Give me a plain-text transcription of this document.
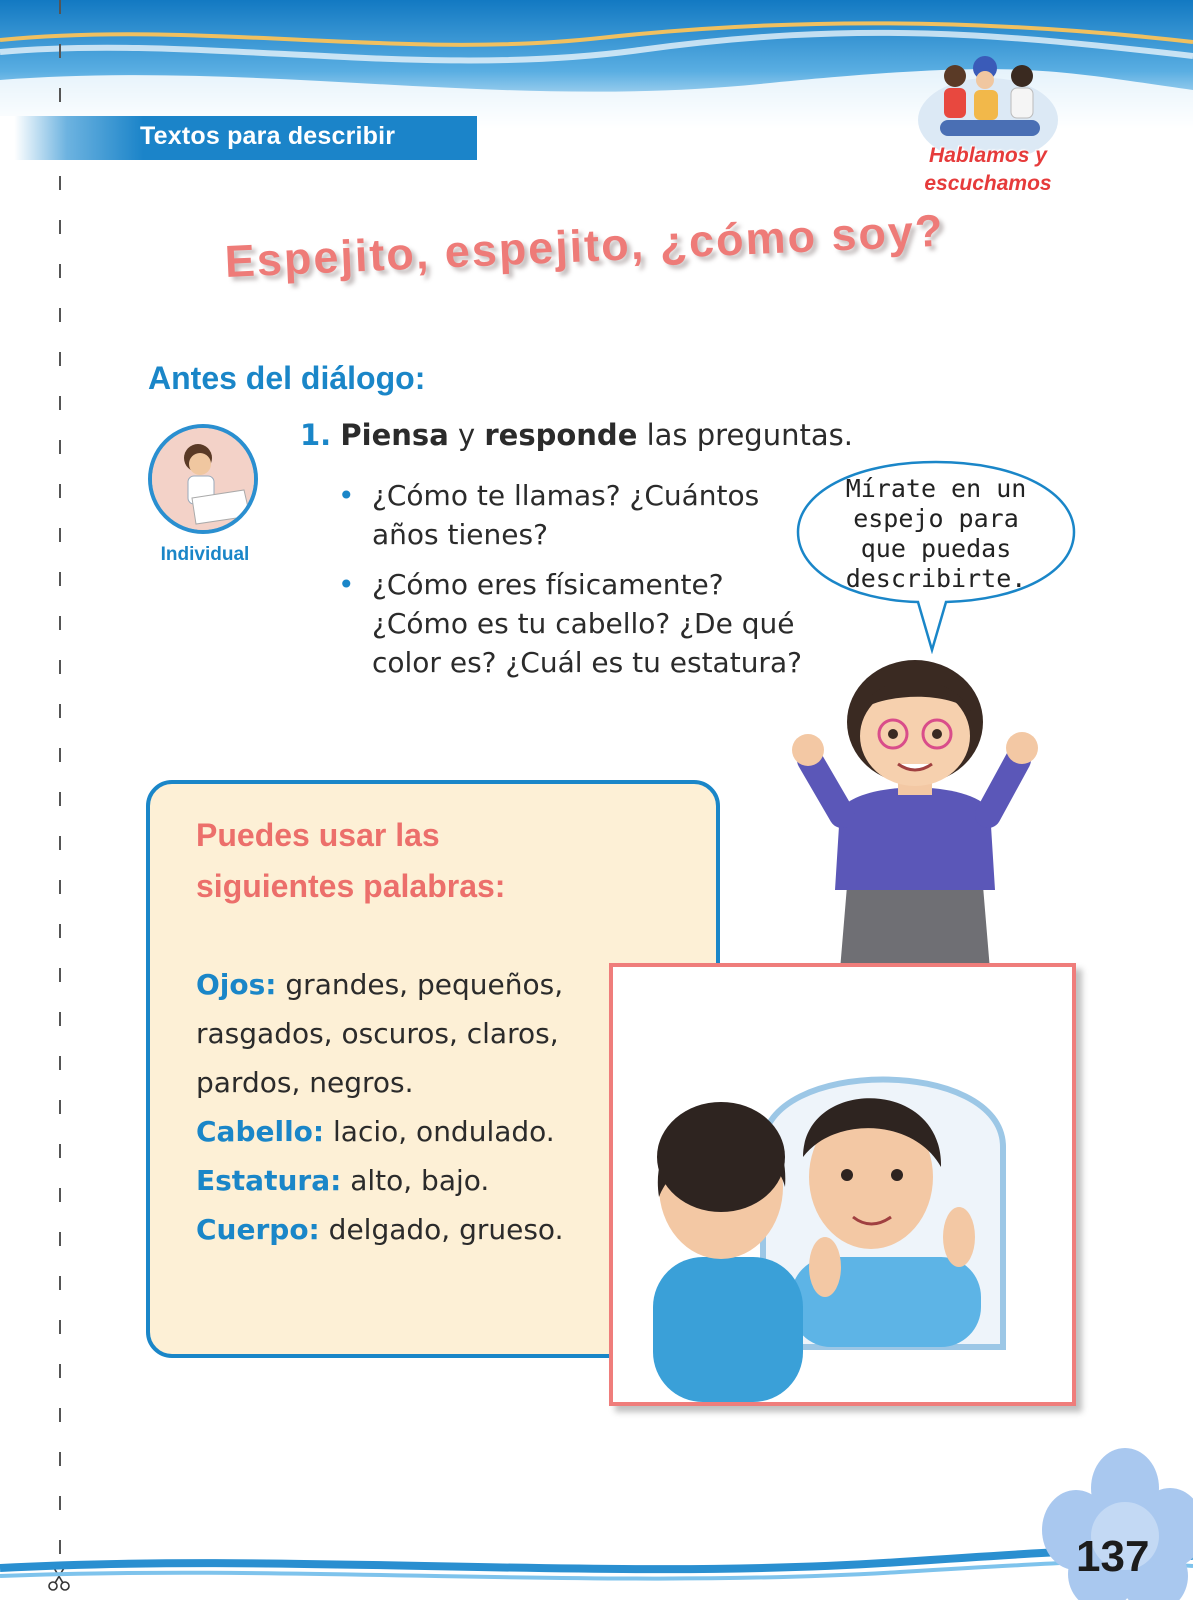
Textos para describir
Hablamos y
escuchamos
Espejito, espejito, ¿cómo soy?
Antes del diálogo:
Individual
1. Piensa y responde las preguntas.
• ¿Cómo te llamas? ¿Cuántos años tienes?
• ¿Cómo eres físicamente? ¿Cómo es tu cabello? ¿De qué color es? ¿Cuál es tu estatura?
Mírate en un
espejo para
que puedas
describirte.
Puedes usar las
siguientes palabras:
Ojos: grandes, pequeños,
rasgados, oscuros, claros,
pardos, negros.
Cabello: lacio, ondulado.
Estatura: alto, bajo.
Cuerpo: delgado, grueso.
137
